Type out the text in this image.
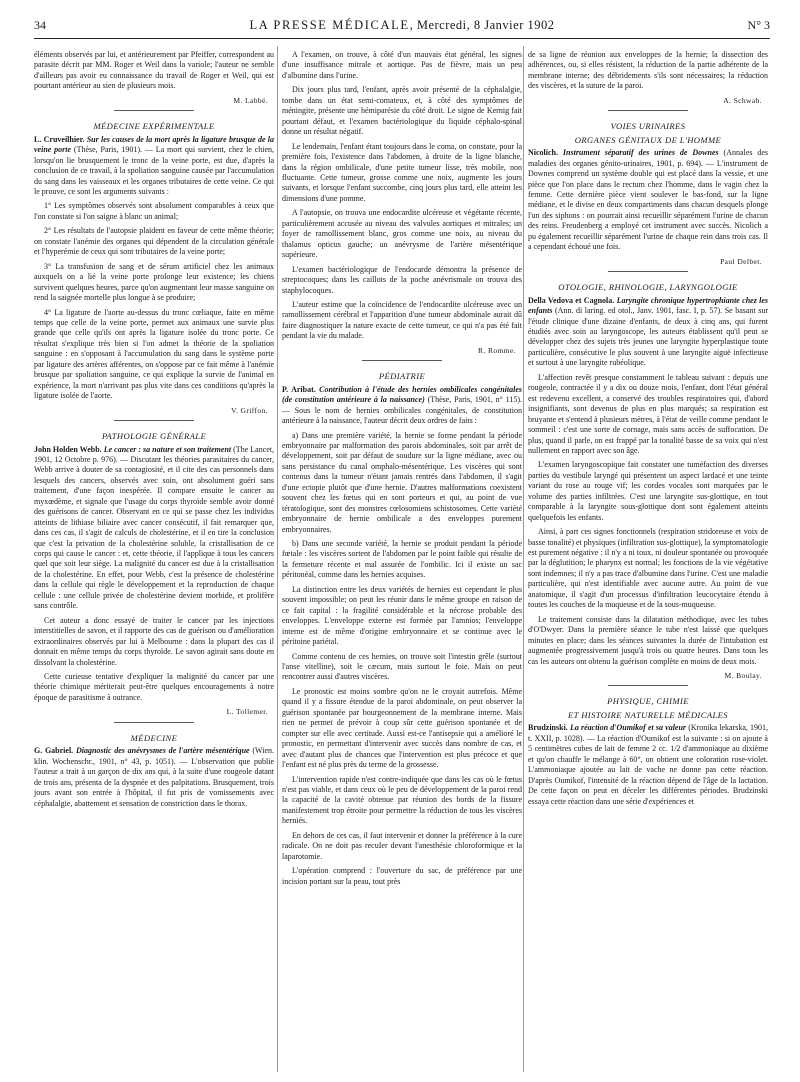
34	LA PRESSE MÉDICALE, Mercredi, 8 Janvier 1902	N° 3

éléments observés par lui, et antérieurement par Pfeiffer, correspondent au parasite décrit par MM. Roger et Weil dans la variole; l'auteur ne semble d'ailleurs pas avoir eu connaissance du travail de Roger et Weil, qui est pourtant antérieur au sien de plusieurs mois.

M. Labbé.
MÉDECINE EXPÉRIMENTALE

L. Cruveilhier. Sur les causes de la mort après la ligature brusque de la veine porte (Thèse, Paris, 1901). — La mort qui survient, chez le chien, lorsqu'on lie brusquement le tronc de la veine porte, est due, d'après la conclusion de ce travail, à la spoliation sanguine causée par l'accumulation du sang dans les vaisseaux et les organes tributaires de cette veine. Ce qui le prouve, ce sont les arguments suivants :

1° Les symptômes observés sont absolument comparables à ceux que l'on constate si l'on saigne à blanc un animal;

2° Les résultats de l'autopsie plaident en faveur de cette même théorie; on constate l'anémie des organes qui dépendent de la circulation générale et l'hyperémie de ceux qui sont tributaires de la veine porte;

3° La transfusion de sang et de sérum artificiel chez les animaux auxquels on a lié la veine porte prolonge leur existence; les chiens survivent quelques heures, parce qu'on augmentant leur masse sanguine on rend la saignée mortelle plus longue à se produire;

4° La ligature de l'aorte au-dessus du tronc cœliaque, faite en même temps que celle de la veine porte, permet aux animaux une survie plus grande que celle qu'ils ont après la ligature isolée du tronc porte. Ce résultat s'explique très bien si l'on admet la théorie de la spoliation sanguine : en s'opposant à l'accumulation du sang dans le système porte par ligature des artères afférentes, on s'oppose par ce fait même à l'anémie brusque par spoliation sanguine, ce qui explique la survie de l'animal en expérience, la mort n'arrivant pas plus vite dans ces conditions qu'après la ligature isolée de l'aorte.

V. Griffon.
PATHOLOGIE GÉNÉRALE

John Holden Webb. Le cancer : sa nature et son traitement (The Lancet, 1901, 12 Octobre p. 976). — Discutant les théories parasitaires du cancer, Webb arrive à douter de sa contagiosité, et il cite des cas personnels dans lesquels des cancers, observés avec soin, ont absolument guéri sans traitement, d'une façon inespérée. Il compare ensuite le cancer au myxœdème, et signale que l'usage du corps thyroïde semble avoir donné des guérisons de cancer. Observant en ce qui se passe chez les individus atteints de lithiase biliaire avec cancer consécutif, il fait remarquer que, dans ces cas, il s'agit de calculs de cholestérine, et il en tire la conclusion que c'est la privation de la cholestérine soluble, la cristallisation de ce corps qui cause le cancer : et, cette théorie, il l'applique à tous les cancers quel que soit leur siège. La malignité du cancer est due à la cristallisation de la cholestérine. En effet, pour Webb, c'est la présence de cholestérine dans la cellule qui règle le développement et la reproduction de chaque cellule : une cellule privée de cholestérine devient morbide, et prolifère sans contrôle.

Cet auteur a donc essayé de traiter le cancer par les injections interstitielles de savon, et il rapporte des cas de guérison ou d'amélioration extraordinaires observés par lui à Melbourne : dans la plupart des cas il donnait en même temps du corps thyroïde. Le savon agirait sans doute en dissolvant la cholestérine.

Cette curieuse tentative d'expliquer la malignité du cancer par une théorie chimique mériterait peut-être quelques encouragements à notre époque de parasitisme à outrance.

L. Tollemer.
MÉDECINE

G. Gabriel. Diagnostic des anévrysmes de l'artère mésentérique (Wien. klin. Wochenschr., 1901, n° 43, p. 1051). — L'observation que publie l'auteur a trait à un garçon de dix ans qui, à la suite d'une rougeole datant de trois ans, présenta de la dyspnée et des palpitations. Brusquement, trois jours avant son entrée à l'hôpital, il fut pris de vomissements avec céphalalgie, abattement et sensation de constriction dans le thorax.

A l'examen, on trouve, à côté d'un mauvais état général, les signes d'une insuffisance mitrale et aortique. Pas de fièvre, mais un peu d'albumine dans l'urine.

Dix jours plus tard, l'enfant, après avoir présenté de la céphalalgie, tombe dans un état semi-comateux, et, à côté des symptômes de méningite, présente une hémiparésie du côté droit. Le signe de Kernig fait pourtant défaut, et l'examen bactériologique du liquide céphalo-spinal donne un résultat négatif.

Le lendemain, l'enfant étant toujours dans le coma, on constate, pour la première fois, l'existence dans l'abdomen, à droite de la ligne blanche, dans la région ombilicale, d'une petite tumeur lisse, très mobile, non fluctuante. Cette tumeur, grosse comme une noix, augmente les jours suivants, et lorsque l'enfant succombe, cinq jours plus tard, elle atteint les dimensions d'une pomme.

A l'autopsie, on trouva une endocardite ulcéreuse et végétante récente, particulièrement accusée au niveau des valvules aortiques et mitrales; un foyer de ramollissement blanc, gros comme une noix, au niveau du thalamus opticus gauche; un anévrysme de l'artère mésentérique supérieure.

L'examen bactériologique de l'endocarde démontra la présence de streptocoques; dans les caillots de la poche anévrismale on trouva des staphylocoques.

L'auteur estime que la coïncidence de l'endocardite ulcéreuse avec un ramollissement cérébral et l'apparition d'une tumeur abdominale aurait dû faire diagnostiquer la nature exacte de cette tumeur, ce qui n'a pas été fait pendant la vie du malade.

R. Romme.
PÉDIATRIE

P. Aribat. Contribution à l'étude des hernies ombilicales congénitales (de constitution antérieure à la naissance) (Thèse, Paris, 1901, n° 115). — Sous le nom de hernies ombilicales congénitales, de constitution antérieure à la naissance, l'auteur décrit deux ordres de faits :

a) Dans une première variété, la hernie se forme pendant la période embryonnaire par malformation des parois abdominales, soit par arrêt de développement, soit par défaut de soudure sur la ligne médiane, avec ou sans persistance du canal omphalo-mésentérique. Les viscères qui sont contenus dans la tumeur n'étant jamais rentrés dans l'abdomen, il s'agit d'une ectopie plutôt que d'une hernie. D'autres malformations coexistent souvent chez les fœtus qui en sont porteurs et qui, au point de vue tératologique, sont des monstres cœlosomiens schistosomes. Cette variété embryonnaire de hernie ombilicale a des enveloppes purement embryonnaires.

b) Dans une seconde variété, la hernie se produit pendant la période fœtale : les viscères sortent de l'abdomen par le point faible qui résulte de la fermeture récente et mal assurée de l'ombilic. Ici il existe un sac péritonéal, comme dans les hernies acquises.

La distinction entre les deux variétés de hernies est cependant le plus souvent impossible; on peut les réunir dans le même groupe en raison de ce fait capital : la fragilité considérable et la nécrose probable des enveloppes. L'enveloppe externe est formée par l'amnios; l'enveloppe interne est de même d'origine embryonnaire et se continue avec le péritoine pariétal.

Comme contenu de ces hernies, on trouve soit l'intestin grêle (surtout l'anse vitelline), soit le cæcum, mais surtout le foie. Mais on peut rencontrer aussi d'autres viscères.

Le pronostic est moins sombre qu'on ne le croyait autrefois. Même quand il y a fissure étendue de la paroi abdominale, on peut observer la guérison spontanée par bourgeonnement de la membrane interne. Mais rien ne permet de prévoir à coup sûr cette guérison spontanée et de compter sur elle avec certitude. Aussi est-ce l'antisepsie qui a amélioré le pronostic, en permettant d'intervenir avec succès dans nombre de cas, et avec d'autant plus de chances que l'intervention est plus précoce et que l'enfant est né plus près du terme de la grossesse.

L'intervention rapide n'est contre-indiquée que dans les cas où le fœtus n'est pas viable, et dans ceux où le peu de développement de la paroi rend la capacité de la cavité obtenue par réunion des bords de la fissure manifestement trop étroite pour permettre la réduction de tous les viscères herniés.

En dehors de ces cas, il faut intervenir et donner la préférence à la cure radicale. On ne doit pas recuIer devant l'anesthésie chloroformique et la laparotomie.

L'opération comprend : l'ouverture du sac, de préférence par une incision portant sur la peau, tout près

de sa ligne de réunion aux enveloppes de la hernie; la dissection des adhérences, ou, si elles résistent, la réduction de la partie adhérente de la membrane interne; des débridements s'ils sont nécessaires; la réduction des viscères, et la suture de la paroi.

A. Schwab.
VOIES URINAIRES
ORGANES GÉNITAUX DE L'HOMME

Nicolich. Instrument séparatif des urines de Downes (Annales des maladies des organes génito-urinaires, 1901, p. 694). — L'instrument de Downes comprend un système double qui est placé dans la vessie, et une pièce que l'on place dans le rectum chez l'homme, dans le vagin chez la femme. Cette dernière pièce vient soulever le bas-fond, sur la ligne médiane, et le divise en deux compartiments dans chacun desquels plonge l'un des siphons : on pourrait ainsi recueillir séparément l'urine de chacun des reins. Freudenberg a employé cet instrument avec succès. Nicolich a pu également recueillir séparément l'urine de chaque rein dans trois cas. Il a cependant échoué une fois.

Paul Delbet.
OTOLOGIE, RHINOLOGIE, LARYNGOLOGIE

Della Vedova et Cagnola. Laryngite chronique hypertrophiante chez les enfants (Ann. di laring. ed otol., Janv. 1901, fasc. I, p. 57). Se basant sur l'étude clinique d'une dizaine d'enfants, de deux à cinq ans, qui furent étudiés avec soin au laryngoscope, les auteurs établissent qu'il peut se développer chez des sujets très jeunes une laryngite hyperplastique toute particulière, consécutive le plus souvent à une laryngite aiguë infectieuse et surtout à une laryngite rubéolique.

L'affection revêt presque constamment le tableau suivant : depuis une rougeole, contractée il y a dix ou douze mois, l'enfant, dont l'état général est redevenu excellent, a conservé des troubles respiratoires qui, d'abord insignifiants, sont devenus de plus en plus marqués; sa respiration est bruyante et s'entend à plusieurs mètres, à l'état de veille comme pendant le sommeil : c'est une sorte de cornage, mais sans accès de suffocation. De plus, quand il parle, on est frappé par la tonalité basse de sa voix qui n'est nullement en rapport avec son âge.

L'examen laryngoscopique fait constater une tuméfaction des diverses parties du vestibule laryngé qui présentent un aspect lardacé et une teinte variant du rose au rouge vif; les cordes vocales sont marquées par le volume des parties infiltrées. C'est une laryngite sus-glottique, en tout comparable à la laryngite sous-glottique dont sont également atteints quelquefois les enfants.

Ainsi, à part ces signes fonctionnels (respiration stridoreuse et voix de basse tonalité) et physiques (infiltration sus-glottique), la symptomatologie est purement négative : il n'y a ni toux, ni douleur spontanée ou provoquée par la déglutition; le pharynx est normal; les fonctions de la vie végétative sont indemnes; il n'y a pas trace d'albumine dans l'urine. C'est une maladie particulière, qui n'est identifiable avec aucune autre. Au point de vue anatomique, il s'agit d'un processus d'infiltration leucocytaire étendu à toutes les couches de la muqueuse et de la sous-muqueuse.

Le traitement consiste dans la dilatation méthodique, avec les tubes d'O'Dwyer. Dans la première séance le tube n'est laissé que quelques minutes en place; dans les séances suivantes la durée de l'intubation est augmentée progressivement jusqu'à trois ou quatre heures. Dans tous les cas les auteurs ont obtenu la guérison complète en moins de deux mois.

M. Boulay.
PHYSIQUE, CHIMIE
ET HISTOIRE NATURELLE MÉDICALES

Brudzinski. La réaction d'Oumikof et sa valeur (Kronika lekarska, 1901, t. XXII, p. 1028). — La réaction d'Oumikof est la suivante : si on ajoute à 5 centimètres cubes de lait de femme 2 cc. 1/2 d'ammoniaque au dixième et qu'on chauffe le mélange à 60°, on obtient une coloration rose-violet. L'ammoniaque ajoutée au lait de vache ne donne pas cette réaction. D'après Oumikof, l'intensité de la réaction dépend de l'âge de la lactation. De cette façon on peut en déceler les différentes périodes. Brudzinski essaya cette réaction dans une série d'expériences et
